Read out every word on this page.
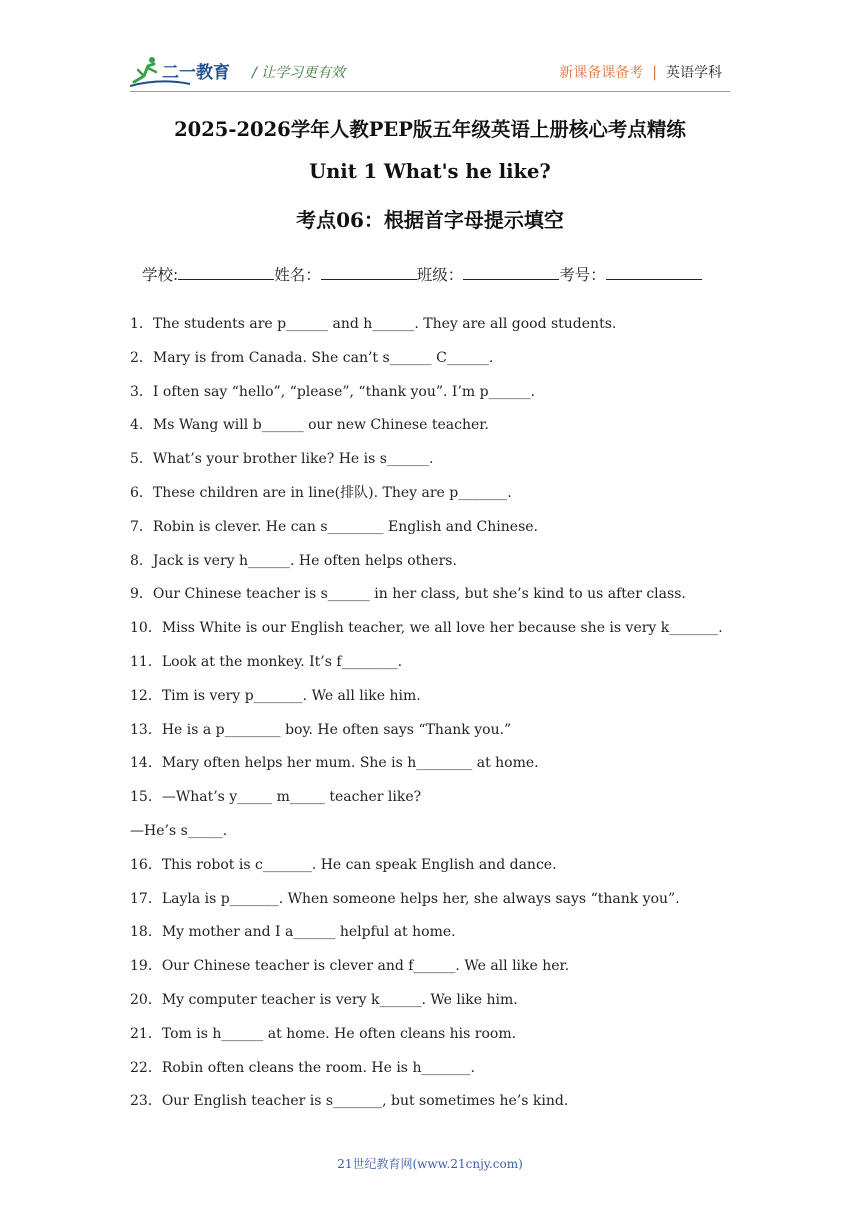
二一教育 / 让学习更有效	新课备课备考 | 英语学科
2025-2026学年人教PEP版五年级英语上册核心考点精练
Unit 1 What's he like?
考点06：根据首字母提示填空
学校:	姓名：	班级：	考号：
1．The students are p______ and h______. They are all good students.
2．Mary is from Canada. She can’t s______ C______.
3．I often say “hello”, “please”, “thank you”. I’m p______.
4．Ms Wang will b______ our new Chinese teacher.
5．What’s your brother like? He is s______.
6．These children are in line(排队). They are p_______.
7．Robin is clever. He can s________ English and Chinese.
8．Jack is very h______. He often helps others.
9．Our Chinese teacher is s______ in her class, but she’s kind to us after class.
10．Miss White is our English teacher, we all love her because she is very k_______.
11．Look at the monkey. It’s f________.
12．Tim is very p_______. We all like him.
13．He is a p________ boy. He often says “Thank you.”
14．Mary often helps her mum. She is h________ at home.
15．—What’s y_____ m_____ teacher like?
—He’s s_____.
16．This robot is c_______. He can speak English and dance.
17．Layla is p_______. When someone helps her, she always says “thank you”.
18．My mother and I a______ helpful at home.
19．Our Chinese teacher is clever and f______. We all like her.
20．My computer teacher is very k______. We like him.
21．Tom is h______ at home. He often cleans his room.
22．Robin often cleans the room. He is h_______.
23．Our English teacher is s_______, but sometimes he’s kind.
21世纪教育网(www.21cnjy.com)
